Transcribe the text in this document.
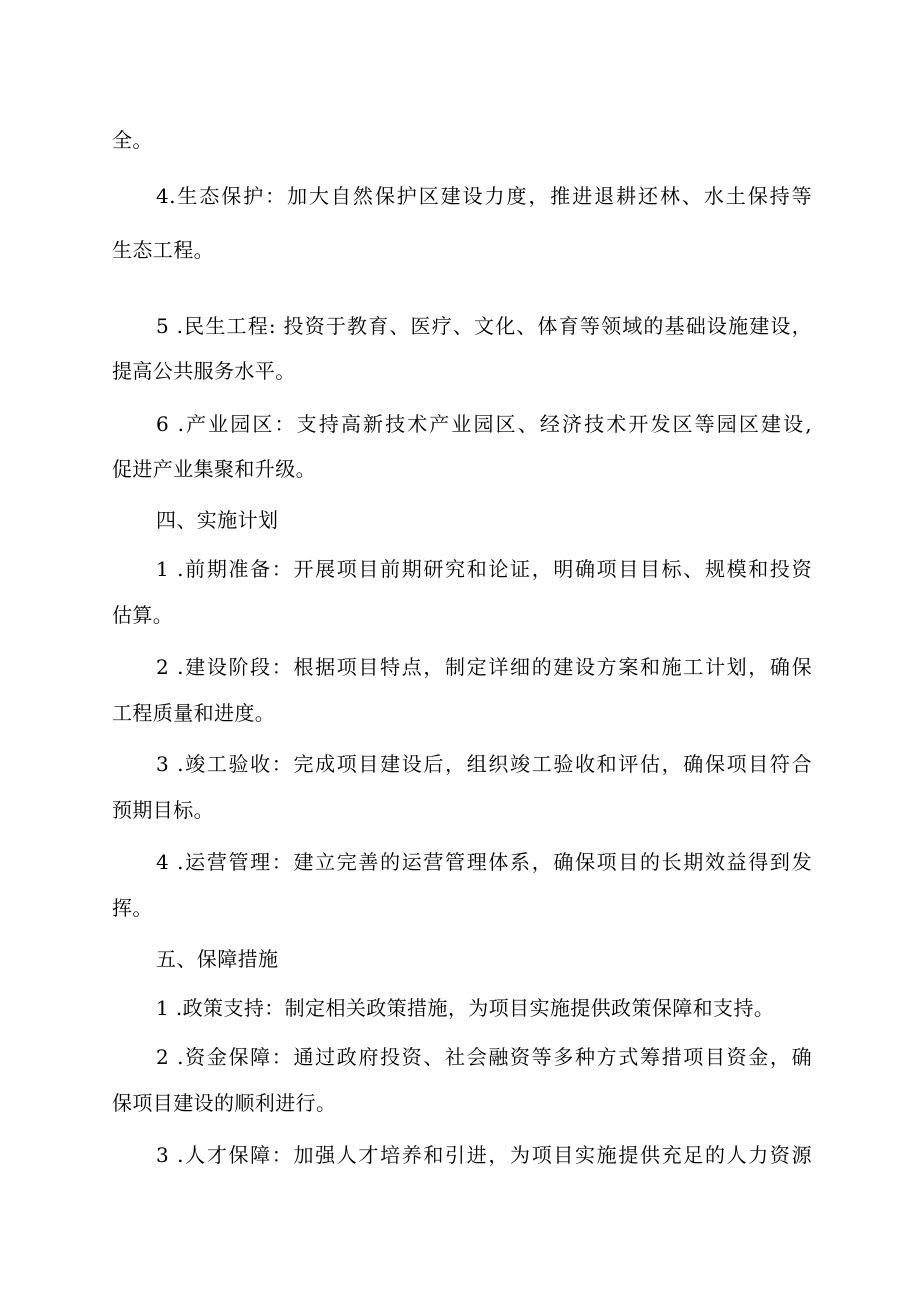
全。
4.生态保护：加大自然保护区建设力度，推进退耕还林、水土保持等
生态工程。
5 .民生工程: 投资于教育、医疗、文化、体育等领域的基础设施建设，
提高公共服务水平。
6 .产业园区：支持高新技术产业园区、经济技术开发区等园区建设,
促进产业集聚和升级。
四、实施计划
1 .前期准备：开展项目前期研究和论证，明确项目目标、规模和投资
估算。
2 .建设阶段：根据项目特点，制定详细的建设方案和施工计划，确保
工程质量和进度。
3 .竣工验收：完成项目建设后，组织竣工验收和评估，确保项目符合
预期目标。
4 .运营管理：建立完善的运营管理体系，确保项目的长期效益得到发
挥。
五、保障措施
1 .政策支持：制定相关政策措施，为项目实施提供政策保障和支持。
2 .资金保障：通过政府投资、社会融资等多种方式筹措项目资金，确
保项目建设的顺利进行。
3 .人才保障：加强人才培养和引进，为项目实施提供充足的人力资源
